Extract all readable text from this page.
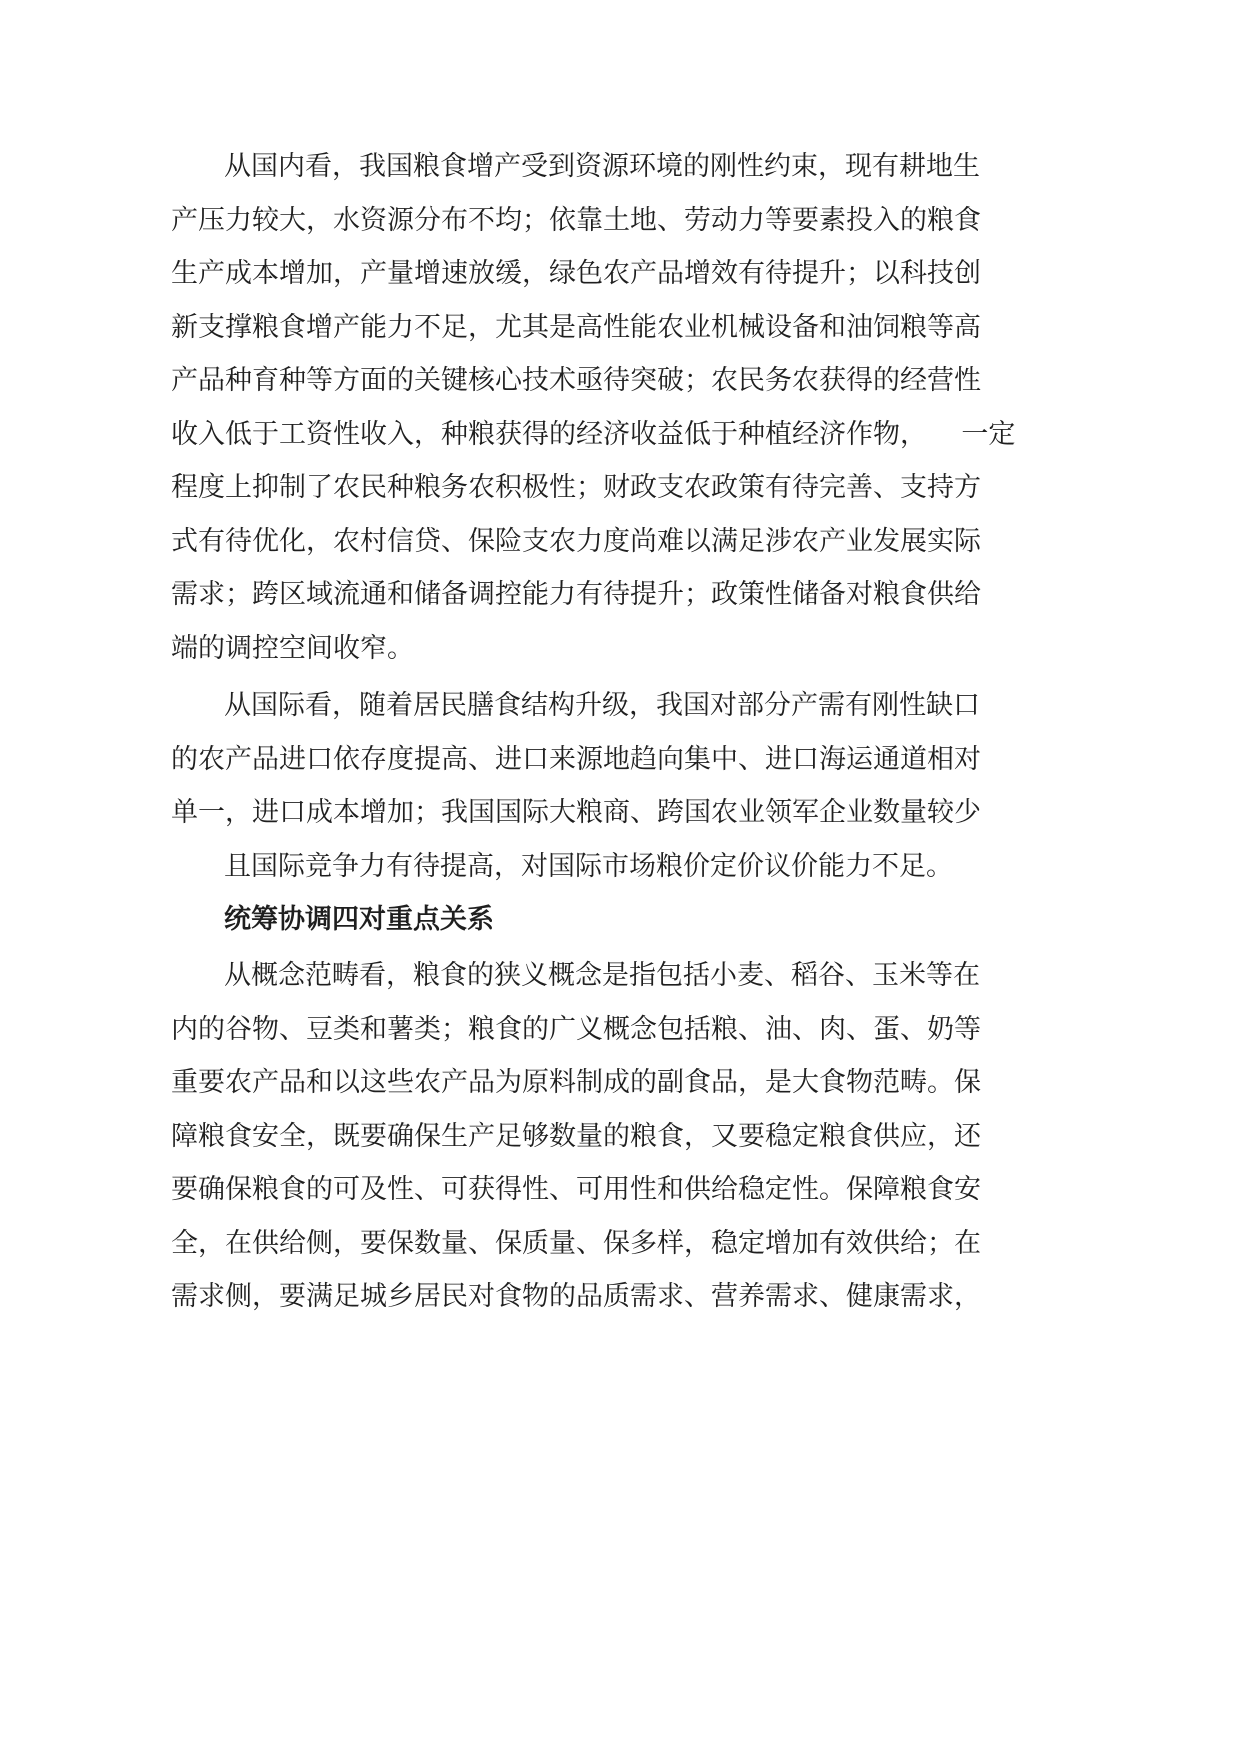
从国内看，我国粮食增产受到资源环境的刚性约束，现有耕地生
产压力较大，水资源分布不均；依靠土地、劳动力等要素投入的粮食
生产成本增加，产量增速放缓，绿色农产品增效有待提升；以科技创
新支撑粮食增产能力不足，尤其是高性能农业机械设备和油饲粮等高
产品种育种等方面的关键核心技术亟待突破；农民务农获得的经营性
收入低于工资性收入，种粮获得的经济收益低于种植经济作物，    一定
程度上抑制了农民种粮务农积极性；财政支农政策有待完善、支持方
式有待优化，农村信贷、保险支农力度尚难以满足涉农产业发展实际
需求；跨区域流通和储备调控能力有待提升；政策性储备对粮食供给
端的调控空间收窄。
从国际看，随着居民膳食结构升级，我国对部分产需有刚性缺口
的农产品进口依存度提高、进口来源地趋向集中、进口海运通道相对
单一，进口成本增加；我国国际大粮商、跨国农业领军企业数量较少
且国际竞争力有待提高，对国际市场粮价定价议价能力不足。
统筹协调四对重点关系
从概念范畴看，粮食的狭义概念是指包括小麦、稻谷、玉米等在
内的谷物、豆类和薯类；粮食的广义概念包括粮、油、肉、蛋、奶等
重要农产品和以这些农产品为原料制成的副食品，是大食物范畴。保
障粮食安全，既要确保生产足够数量的粮食，又要稳定粮食供应，还
要确保粮食的可及性、可获得性、可用性和供给稳定性。保障粮食安
全，在供给侧，要保数量、保质量、保多样，稳定增加有效供给；在
需求侧，要满足城乡居民对食物的品质需求、营养需求、健康需求，
